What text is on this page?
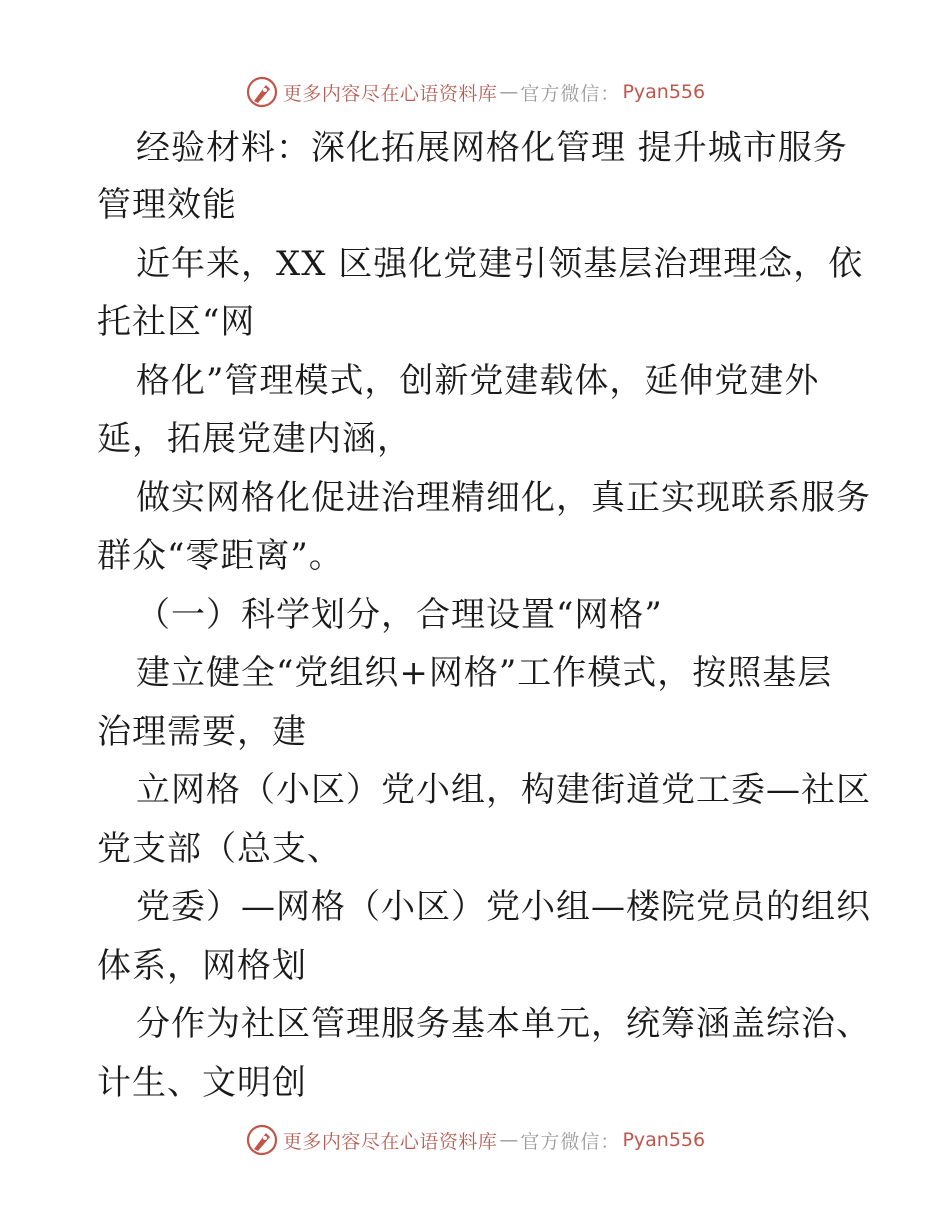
更多内容尽在心语资料库 — 官方微信： Pyan556
经验材料：深化拓展网格化管理 提升城市服务
管理效能
近年来，XX 区强化党建引领基层治理理念，依
托社区“网
格化”管理模式，创新党建载体，延伸党建外
延，拓展党建内涵，
做实网格化促进治理精细化，真正实现联系服务
群众“零距离”。
（一）科学划分，合理设置“网格”
建立健全“党组织+网格”工作模式，按照基层
治理需要，建
立网格（小区）党小组，构建街道党工委—社区
党支部（总支、
党委）—网格（小区）党小组—楼院党员的组织
体系，网格划
分作为社区管理服务基本单元，统筹涵盖综治、
计生、文明创
更多内容尽在心语资料库 — 官方微信： Pyan556
